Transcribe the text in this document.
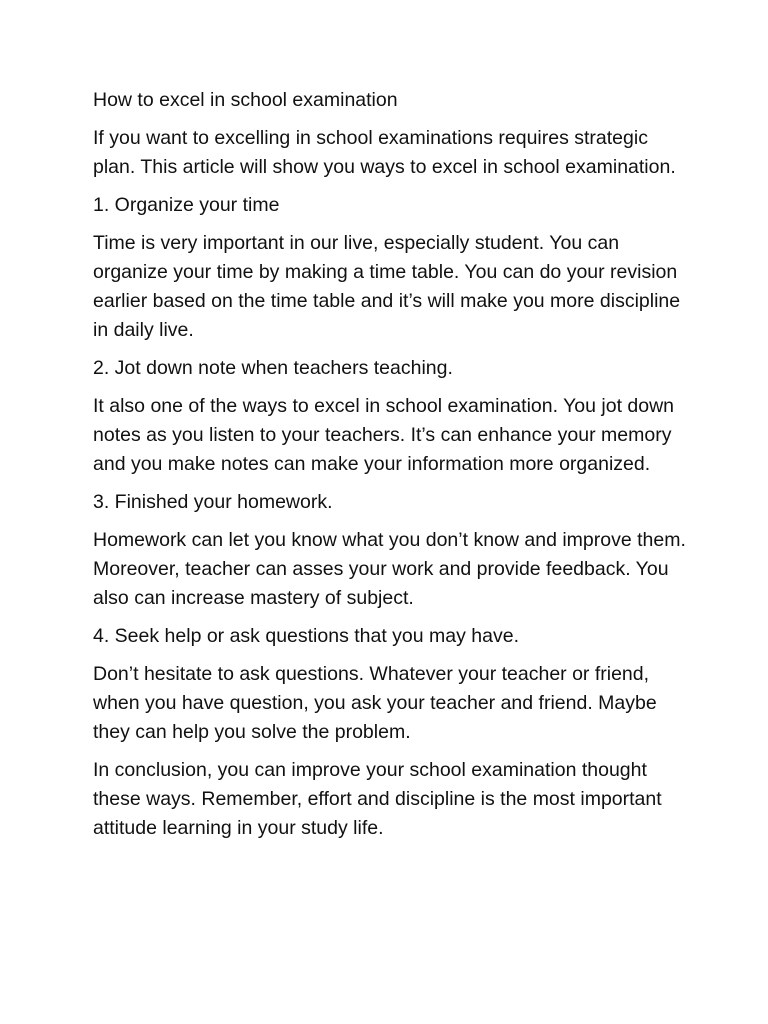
How to excel in school examination

If you want to excelling in school examinations requires strategic plan. This article will show you ways to excel in school examination.

1. Organize your time

Time is very important in our live, especially student. You can organize your time by making a time table. You can do your revision earlier based on the time table and it’s will make you more discipline in daily live.

2. Jot down note when teachers teaching.

It also one of the ways to excel in school examination. You jot down notes as you listen to your teachers. It’s can enhance your memory and you make notes can make your information more organized.

3. Finished your homework.

Homework can let you know what you don’t know and improve them. Moreover, teacher can asses your work and provide feedback. You also can increase mastery of subject.

4. Seek help or ask questions that you may have.

Don’t hesitate to ask questions. Whatever your teacher or friend, when you have question, you ask your teacher and friend. Maybe they can help you solve the problem.

In conclusion, you can improve your school examination thought these ways. Remember, effort and discipline is the most important attitude learning in your study life.
